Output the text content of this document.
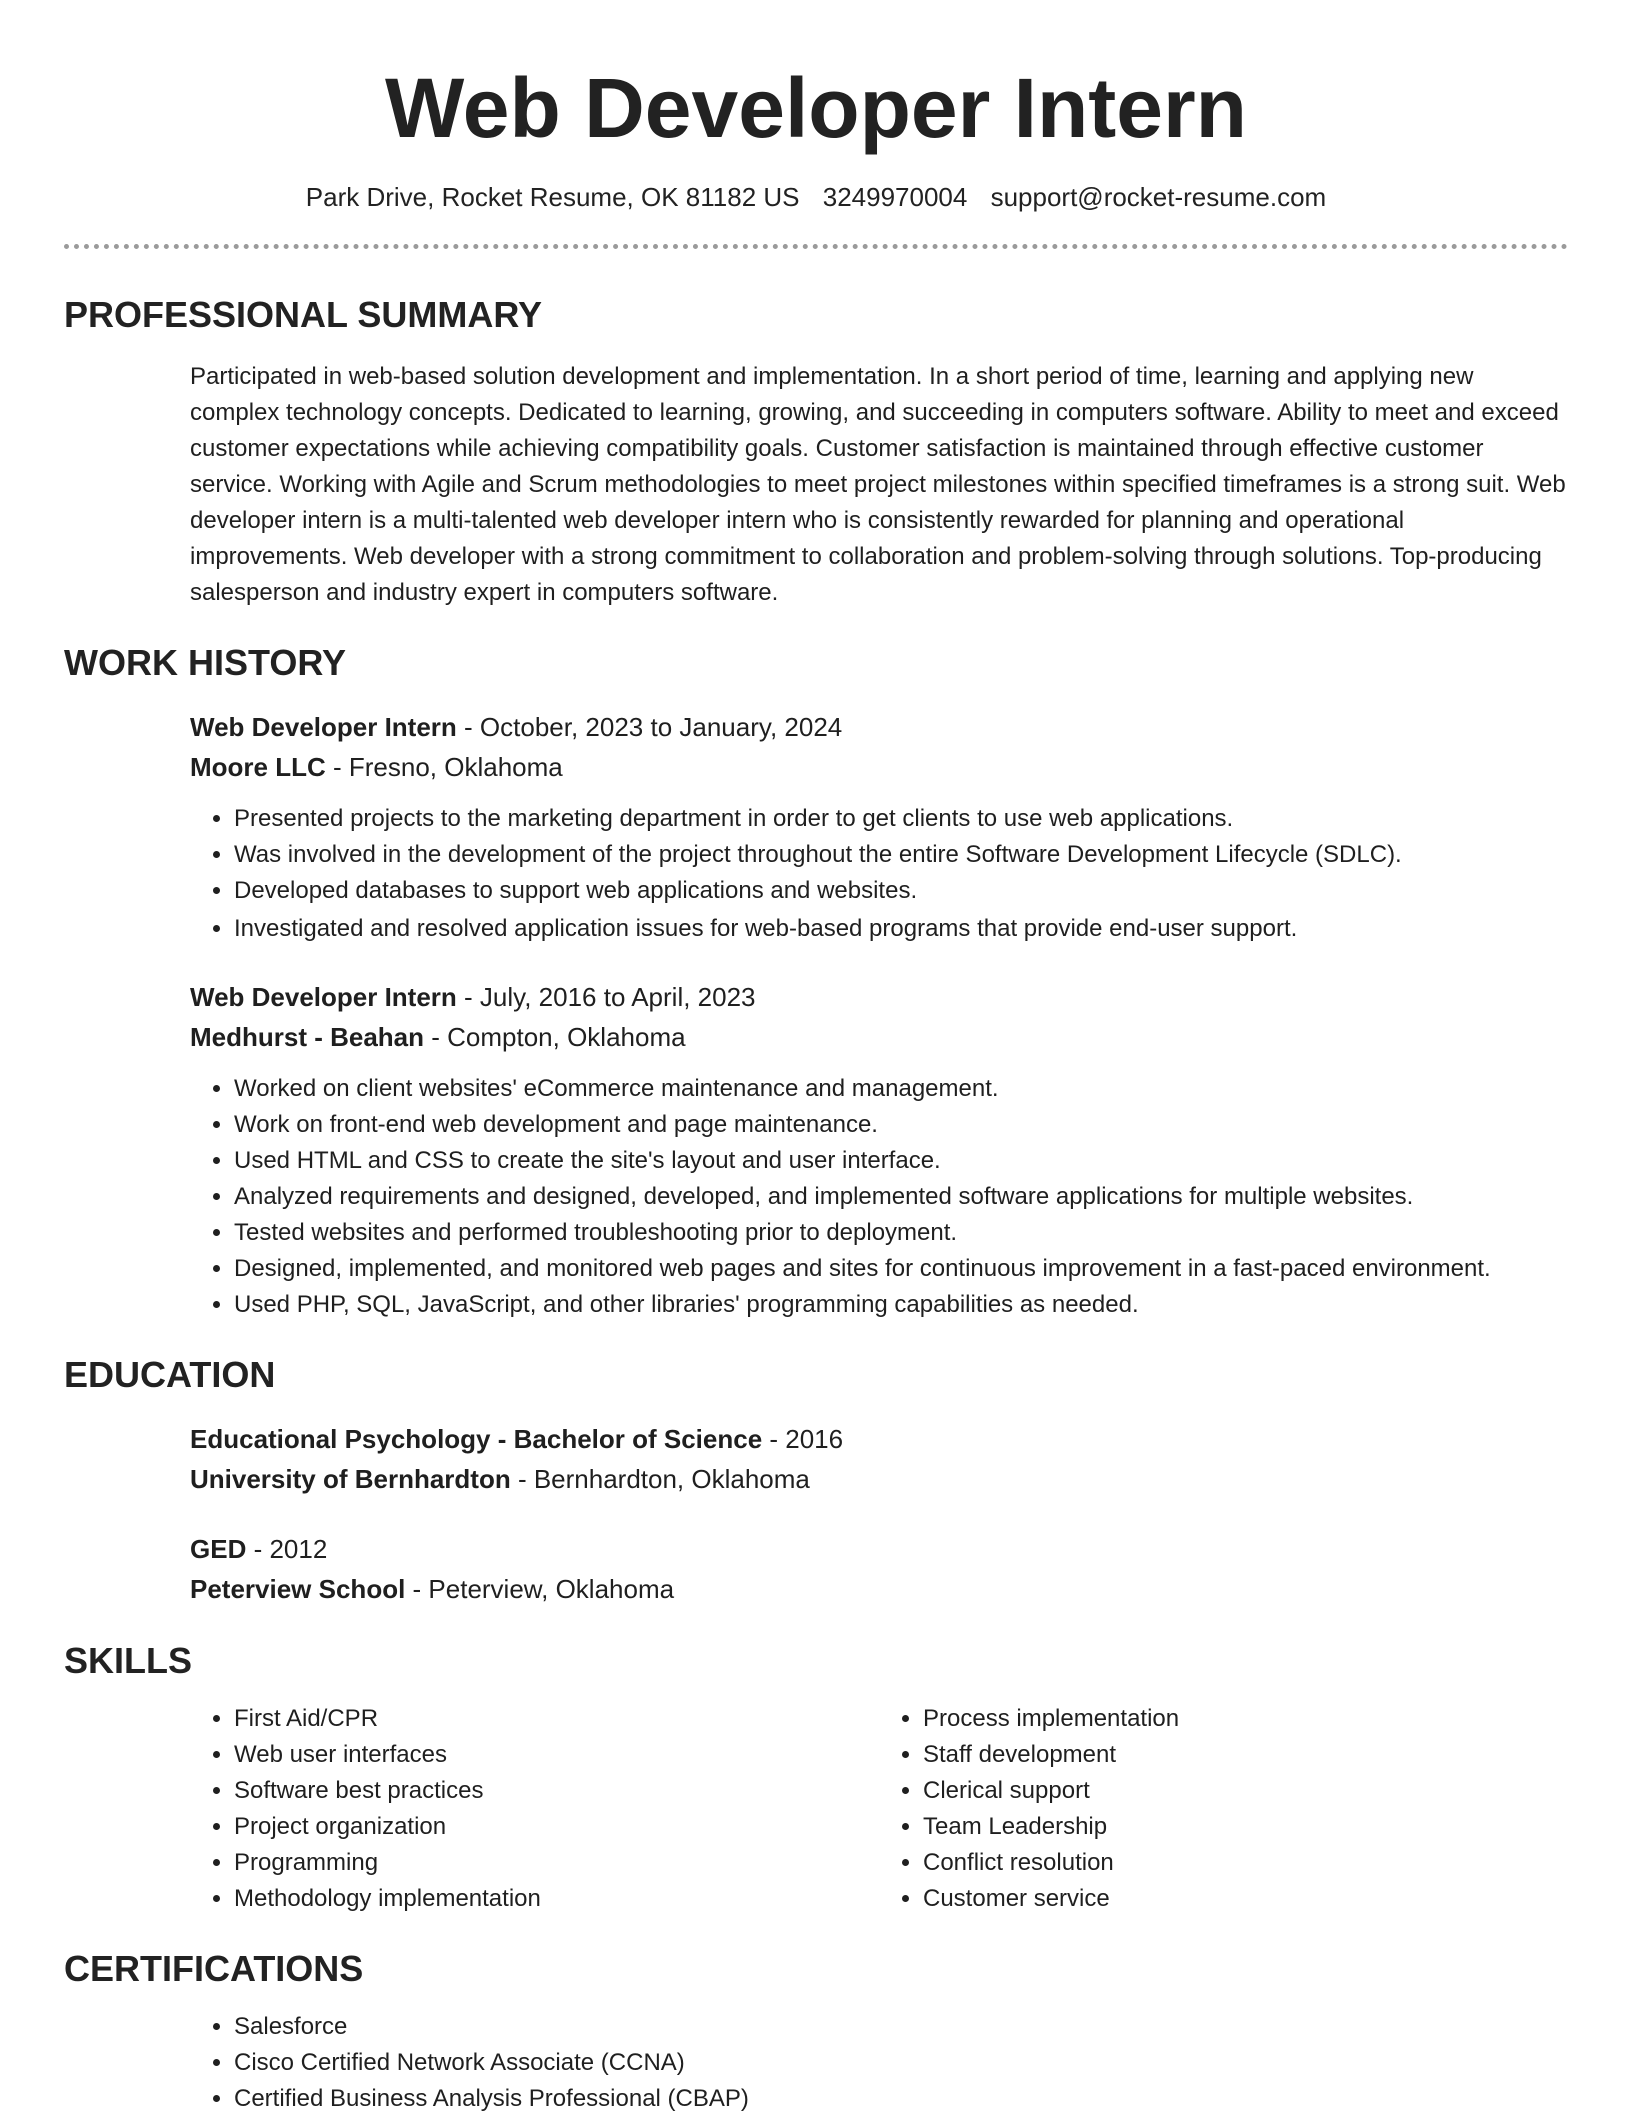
Web Developer Intern
Park Drive, Rocket Resume, OK 81182 US 3249970004 support@rocket-resume.com
PROFESSIONAL SUMMARY

Participated in web-based solution development and implementation. In a short period of time, learning and applying new complex technology concepts. Dedicated to learning, growing, and succeeding in computers software. Ability to meet and exceed customer expectations while achieving compatibility goals. Customer satisfaction is maintained through effective customer service. Working with Agile and Scrum methodologies to meet project milestones within specified timeframes is a strong suit. Web developer intern is a multi-talented web developer intern who is consistently rewarded for planning and operational improvements. Web developer with a strong commitment to collaboration and problem-solving through solutions. Top-producing salesperson and industry expert in computers software.

WORK HISTORY
Web Developer Intern - October, 2023 to January, 2024
Moore LLC - Fresno, Oklahoma
• Presented projects to the marketing department in order to get clients to use web applications.
• Was involved in the development of the project throughout the entire Software Development Lifecycle (SDLC).
• Developed databases to support web applications and websites.
• Investigated and resolved application issues for web-based programs that provide end-user support.
Web Developer Intern - July, 2016 to April, 2023
Medhurst - Beahan - Compton, Oklahoma
• Worked on client websites' eCommerce maintenance and management.
• Work on front-end web development and page maintenance.
• Used HTML and CSS to create the site's layout and user interface.
• Analyzed requirements and designed, developed, and implemented software applications for multiple websites.
• Tested websites and performed troubleshooting prior to deployment.
• Designed, implemented, and monitored web pages and sites for continuous improvement in a fast-paced environment.
• Used PHP, SQL, JavaScript, and other libraries' programming capabilities as needed.
EDUCATION
Educational Psychology - Bachelor of Science - 2016
University of Bernhardton - Bernhardton, Oklahoma
GED - 2012
Peterview School - Peterview, Oklahoma
SKILLS
• First Aid/CPR
• Web user interfaces
• Software best practices
• Project organization
• Programming
• Methodology implementation
• Process implementation
• Staff development
• Clerical support
• Team Leadership
• Conflict resolution
• Customer service
CERTIFICATIONS
• Salesforce
• Cisco Certified Network Associate (CCNA)
• Certified Business Analysis Professional (CBAP)
